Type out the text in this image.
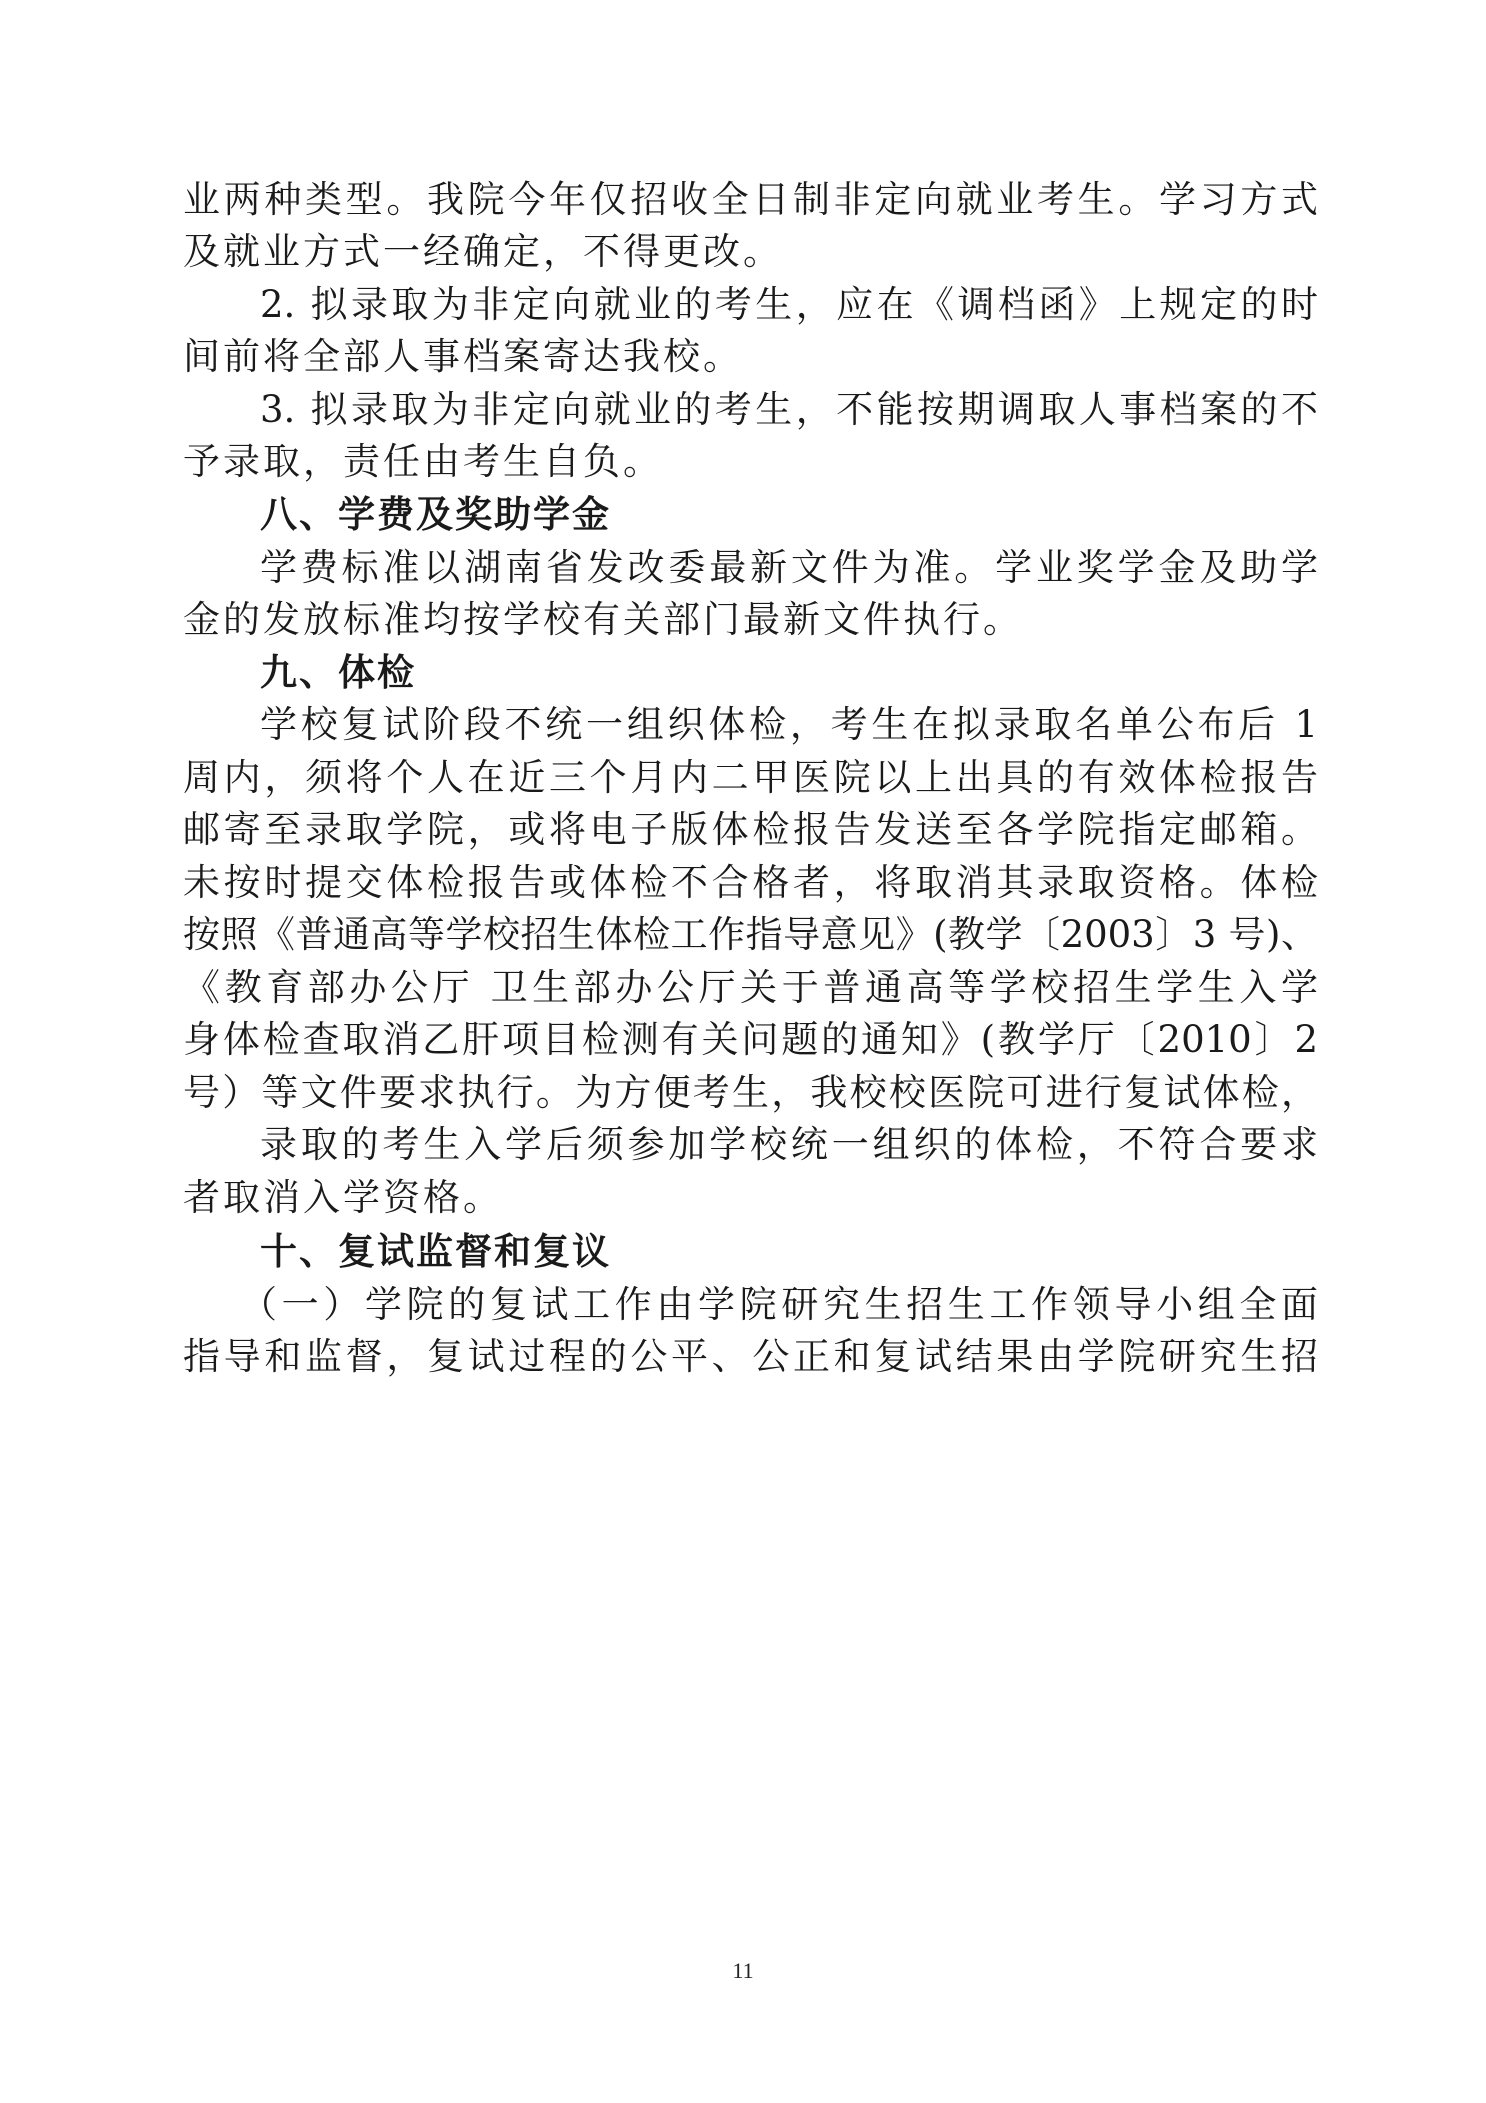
业两种类型。我院今年仅招收全日制非定向就业考生。学习方式
及就业方式一经确定，不得更改。
2. 拟录取为非定向就业的考生，应在《调档函》上规定的时
间前将全部人事档案寄达我校。
3. 拟录取为非定向就业的考生，不能按期调取人事档案的不
予录取，责任由考生自负。
八、学费及奖助学金
学费标准以湖南省发改委最新文件为准。学业奖学金及助学
金的发放标准均按学校有关部门最新文件执行。
九、体检
学校复试阶段不统一组织体检，考生在拟录取名单公布后 1
周内，须将个人在近三个月内二甲医院以上出具的有效体检报告
邮寄至录取学院，或将电子版体检报告发送至各学院指定邮箱。
未按时提交体检报告或体检不合格者，将取消其录取资格。体检
按照《普通高等学校招生体检工作指导意见》(教学〔2003〕3 号)、
《教育部办公厅 卫生部办公厅关于普通高等学校招生学生入学
身体检查取消乙肝项目检测有关问题的通知》(教学厅〔2010〕2
号）等文件要求执行。为方便考生，我校校医院可进行复试体检，
录取的考生入学后须参加学校统一组织的体检，不符合要求
者取消入学资格。
十、复试监督和复议
（一）学院的复试工作由学院研究生招生工作领导小组全面
指导和监督，复试过程的公平、公正和复试结果由学院研究生招
11
